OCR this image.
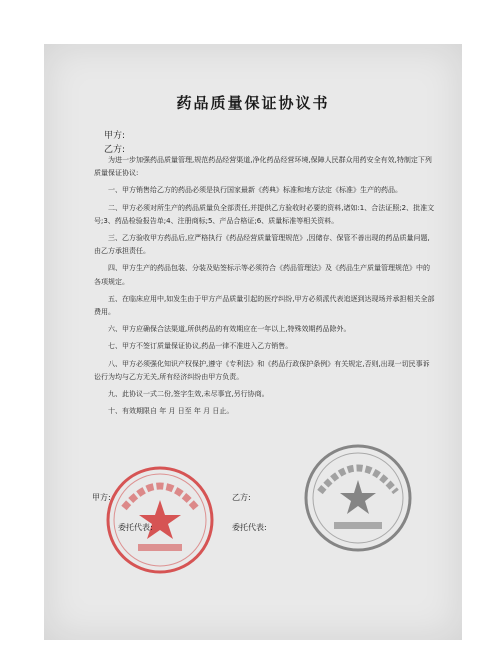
药品质量保证协议书
甲方:
乙方:

为进一步加强药品质量管理,规范药品经营渠道,净化药品经营环境,保障人民群众用药安全有效,特制定下列质量保证协议:

一、甲方销售给乙方的药品必须是执行国家最新《药典》标准和地方法定《标准》生产的药品。

二、甲方必须对所生产的药品质量负全部责任,并提供乙方验收时必要的资料,诸如:1、合法证照;2、批准文号;3、药品检验报告单;4、注册商标;5、产品合格证;6、质量标准等相关资料。

三、乙方验收甲方药品后,应严格执行《药品经营质量管理规范》,因储存、保管不善出现的药品质量问题,由乙方承担责任。

四、甲方生产的药品包装、分装及贴签标示等必须符合《药品管理法》及《药品生产质量管理规范》中的各项规定。

五、在临床应用中,如发生由于甲方产品质量引起的医疗纠纷,甲方必须派代表追逐到达现场并承担相关全部费用。

六、甲方应确保合法渠道,所供药品的有效期应在一年以上,特殊效期药品除外。

七、甲方不签订质量保证协议,药品一律不准进入乙方销售。

八、甲方必须强化知识产权保护,遵守《专利法》和《药品行政保护条例》有关规定,否则,出现一切民事诉讼行为均与乙方无关,所有经济纠纷由甲方负责。

九、此协议一式二份,签字生效,未尽事宜,另行协商。

十、有效期限自 年 月 日至 年 月 日止。

甲方:	乙方:
委托代表:	委托代表:
